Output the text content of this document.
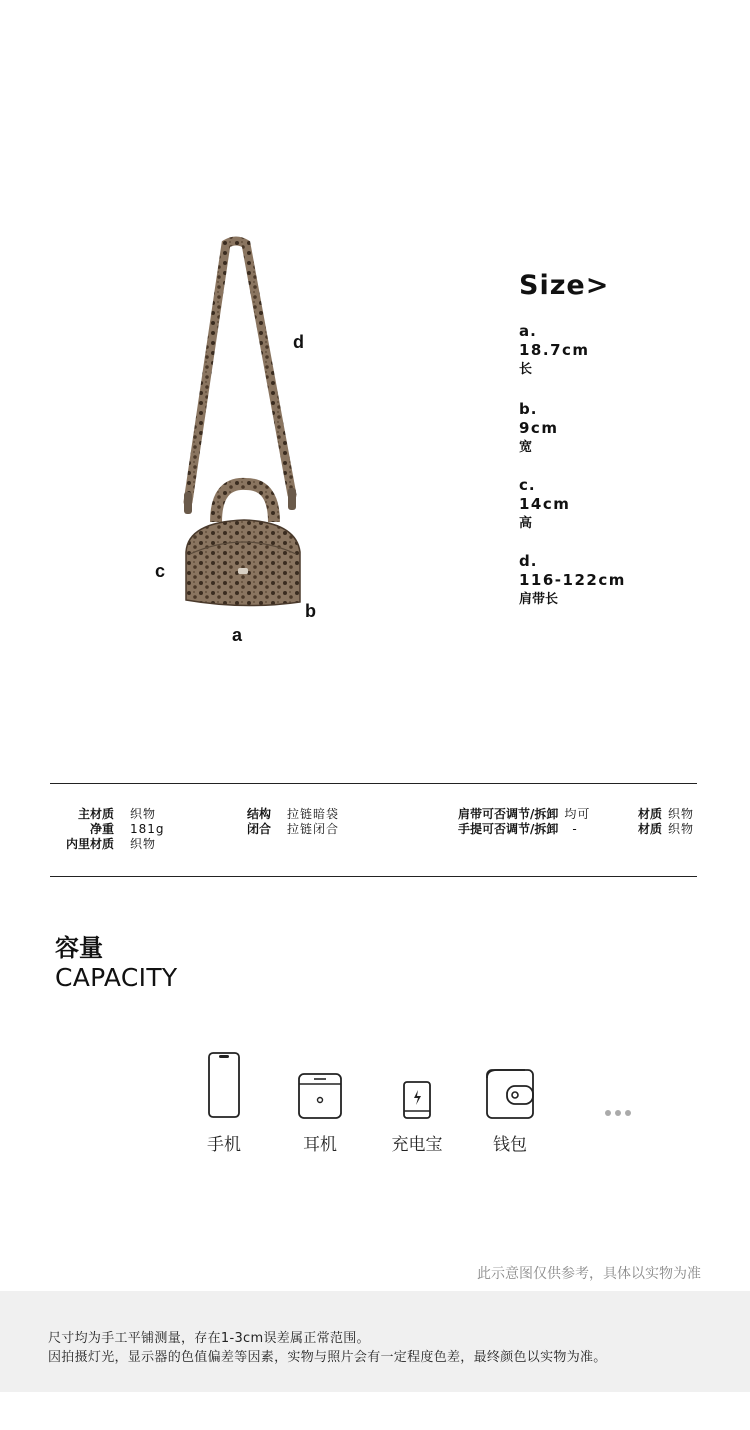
d
c
b
a
Size>
a.
18.7cm
长
b.
9cm
宽
c.
14cm
高
d.
116-122cm
肩带长
主材质 织物
净重 181g
内里材质 织物
结构 拉链暗袋
闭合 拉链闭合
肩带可否调节/拆卸 均可
手提可否调节/拆卸 -
材质 织物
材质 织物
容量
CAPACITY
手机	耳机	充电宝	钱包
此示意图仅供参考，具体以实物为准
尺寸均为手工平铺测量，存在1-3cm误差属正常范围。
因拍摄灯光，显示器的色值偏差等因素，实物与照片会有一定程度色差，最终颜色以实物为准。
